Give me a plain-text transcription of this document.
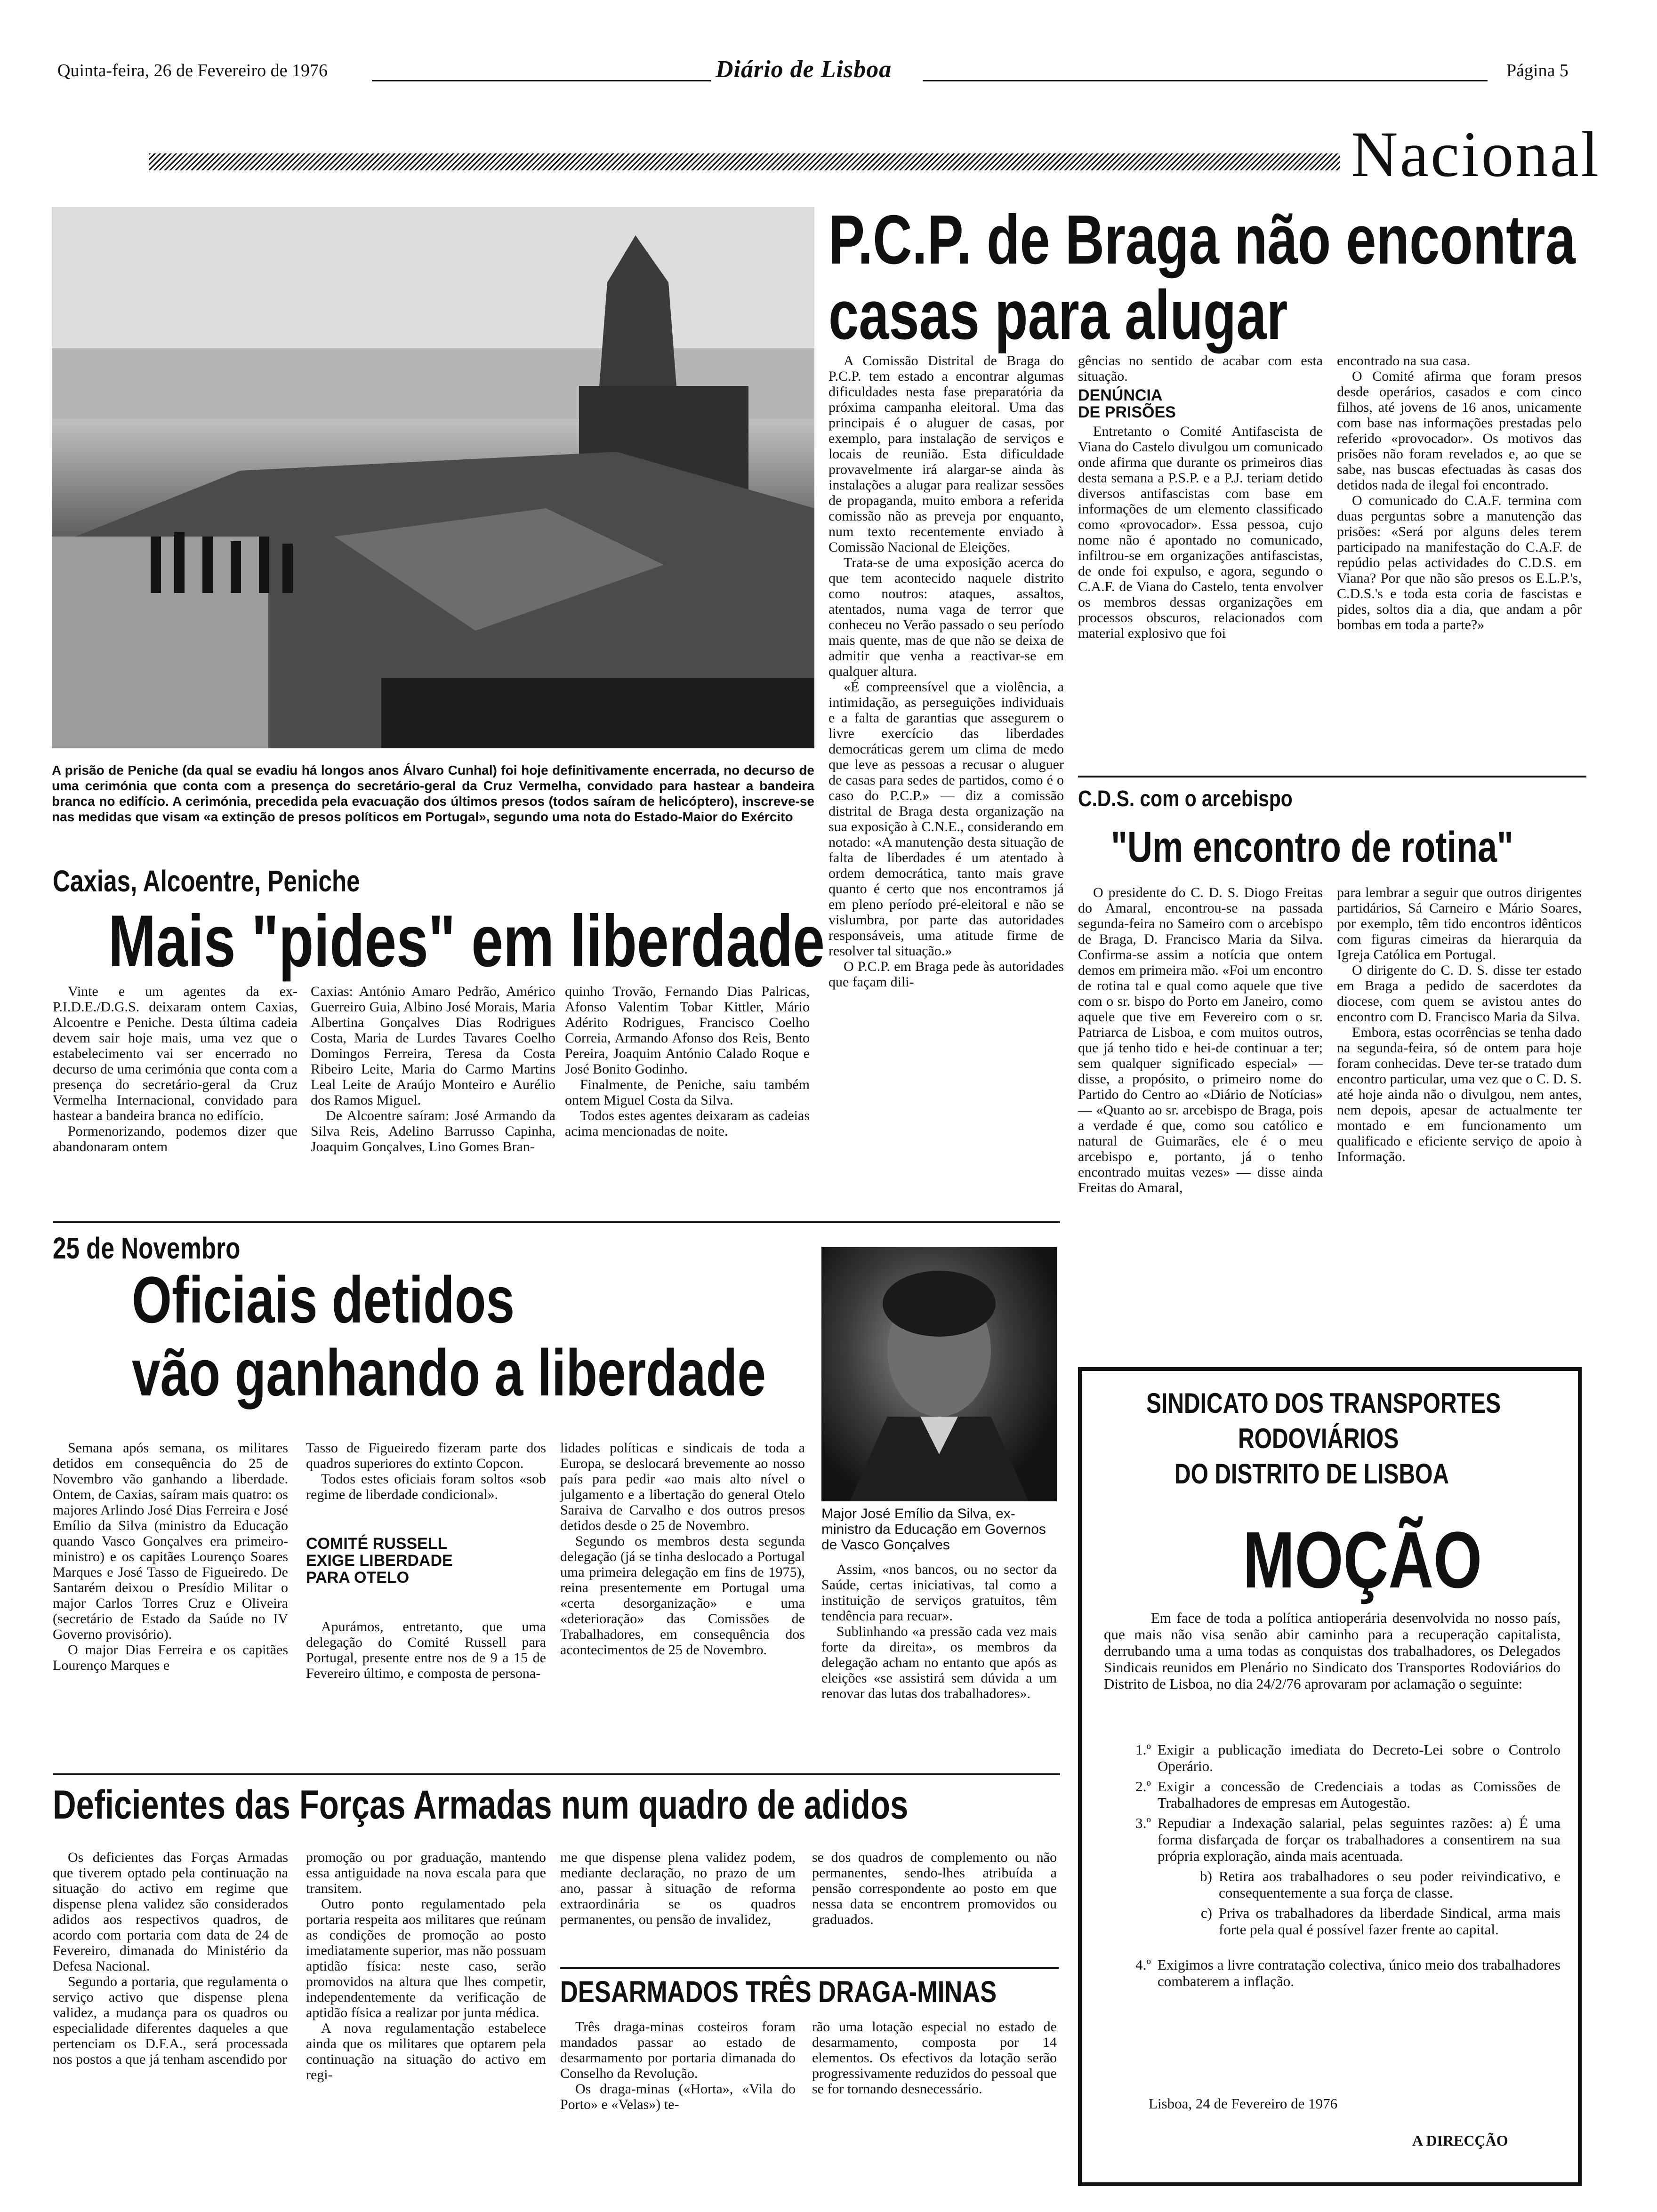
Quinta-feira, 26 de Fevereiro de 1976	Diário de Lisboa	Página 5
Nacional
A prisão de Peniche (da qual se evadiu há longos anos Álvaro Cunhal) foi hoje definitivamente encerrada, no decurso de uma cerimónia que conta com a presença do secretário-geral da Cruz Vermelha, convidado para hastear a bandeira branca no edifício. A cerimónia, precedida pela evacuação dos últimos presos (todos saíram de helicóptero), inscreve-se nas medidas que visam «a extinção de presos políticos em Portugal», segundo uma nota do Estado-Maior do Exército
P.C.P. de Braga não encontra
casas para alugar

A Comissão Distrital de Braga do P.C.P. tem estado a encontrar algumas dificuldades nesta fase preparatória da próxima campanha eleitoral. Uma das principais é o aluguer de casas, por exemplo, para instalação de serviços e locais de reunião. Esta dificuldade provavelmente irá alargar-se ainda às instalações a alugar para realizar sessões de propaganda, muito embora a referida comissão não as preveja por enquanto, num texto recentemente enviado à Comissão Nacional de Eleições.

Trata-se de uma exposição acerca do que tem acontecido naquele distrito como noutros: ataques, assaltos, atentados, numa vaga de terror que conheceu no Verão passado o seu período mais quente, mas de que não se deixa de admitir que venha a reactivar-se em qualquer altura.

«É compreensível que a violência, a intimidação, as perseguições individuais e a falta de garantias que assegurem o livre exercício das liberdades democráticas gerem um clima de medo que leve as pessoas a recusar o aluguer de casas para sedes de partidos, como é o caso do P.C.P.» — diz a comissão distrital de Braga desta organização na sua exposição à C.N.E., considerando em notado: «A manutenção desta situação de falta de liberdades é um atentado à ordem democrática, tanto mais grave quanto é certo que nos encontramos já em pleno período pré-eleitoral e não se vislumbra, por parte das autoridades responsáveis, uma atitude firme de resolver tal situação.»

O P.C.P. em Braga pede às autoridades que façam dili-

gências no sentido de acabar com esta situação.

DENÚNCIA
DE PRISÕES

Entretanto o Comité Antifascista de Viana do Castelo divulgou um comunicado onde afirma que durante os primeiros dias desta semana a P.S.P. e a P.J. teriam detido diversos antifascistas com base em informações de um elemento classificado como «provocador». Essa pessoa, cujo nome não é apontado no comunicado, infiltrou-se em organizações antifascistas, de onde foi expulso, e agora, segundo o C.A.F. de Viana do Castelo, tenta envolver os membros dessas organizações em processos obscuros, relacionados com material explosivo que foi

encontrado na sua casa.

O Comité afirma que foram presos desde operários, casados e com cinco filhos, até jovens de 16 anos, unicamente com base nas informações prestadas pelo referido «provocador». Os motivos das prisões não foram revelados e, ao que se sabe, nas buscas efectuadas às casas dos detidos nada de ilegal foi encontrado.

O comunicado do C.A.F. termina com duas perguntas sobre a manutenção das prisões: «Será por alguns deles terem participado na manifestação do C.A.F. de repúdio pelas actividades do C.D.S. em Viana? Por que não são presos os E.L.P.'s, C.D.S.'s e toda esta coria de fascistas e pides, soltos dia a dia, que andam a pôr bombas em toda a parte?»

C.D.S. com o arcebispo
"Um encontro de rotina"

O presidente do C. D. S. Diogo Freitas do Amaral, encontrou-se na passada segunda-feira no Sameiro com o arcebispo de Braga, D. Francisco Maria da Silva. Confirma-se assim a notícia que ontem demos em primeira mão. «Foi um encontro de rotina tal e qual como aquele que tive com o sr. bispo do Porto em Janeiro, como aquele que tive em Fevereiro com o sr. Patriarca de Lisboa, e com muitos outros, que já tenho tido e hei-de continuar a ter; sem qualquer significado especial» — disse, a propósito, o primeiro nome do Partido do Centro ao «Diário de Notícias» — «Quanto ao sr. arcebispo de Braga, pois a verdade é que, como sou católico e natural de Guimarães, ele é o meu arcebispo e, portanto, já o tenho encontrado muitas vezes» — disse ainda Freitas do Amaral,

para lembrar a seguir que outros dirigentes partidários, Sá Carneiro e Mário Soares, por exemplo, têm tido encontros idênticos com figuras cimeiras da hierarquia da Igreja Católica em Portugal.

O dirigente do C. D. S. disse ter estado em Braga a pedido de sacerdotes da diocese, com quem se avistou antes do encontro com D. Francisco Maria da Silva.

Embora, estas ocorrências se tenha dado na segunda-feira, só de ontem para hoje foram conhecidas. Deve ter-se tratado dum encontro particular, uma vez que o C. D. S. até hoje ainda não o divulgou, nem antes, nem depois, apesar de actualmente ter montado e em funcionamento um qualificado e eficiente serviço de apoio à Informação.

Caxias, Alcoentre, Peniche
Mais "pides" em liberdade

Vinte e um agentes da ex-P.I.D.E./D.G.S. deixaram ontem Caxias, Alcoentre e Peniche. Desta última cadeia devem sair hoje mais, uma vez que o estabelecimento vai ser encerrado no decurso de uma cerimónia que conta com a presença do secretário-geral da Cruz Vermelha Internacional, convidado para hastear a bandeira branca no edifício.

Pormenorizando, podemos dizer que abandonaram ontem

Caxias: António Amaro Pedrão, Américo Guerreiro Guia, Albino José Morais, Maria Albertina Gonçalves Dias Rodrigues Costa, Maria de Lurdes Tavares Coelho Domingos Ferreira, Teresa da Costa Ribeiro Leite, Maria do Carmo Martins Leal Leite de Araújo Monteiro e Aurélio dos Ramos Miguel.

De Alcoentre saíram: José Armando da Silva Reis, Adelino Barrusso Capinha, Joaquim Gonçalves, Lino Gomes Bran-

quinho Trovão, Fernando Dias Palricas, Afonso Valentim Tobar Kittler, Mário Adérito Rodrigues, Francisco Coelho Correia, Armando Afonso dos Reis, Bento Pereira, Joaquim António Calado Roque e José Bonito Godinho.

Finalmente, de Peniche, saiu também ontem Miguel Costa da Silva.

Todos estes agentes deixaram as cadeias acima mencionadas de noite.

25 de Novembro
Oficiais detidos
vão ganhando a liberdade

Semana após semana, os militares detidos em consequência do 25 de Novembro vão ganhando a liberdade. Ontem, de Caxias, saíram mais quatro: os majores Arlindo José Dias Ferreira e José Emílio da Silva (ministro da Educação quando Vasco Gonçalves era primeiro-ministro) e os capitães Lourenço Soares Marques e José Tasso de Figueiredo. De Santarém deixou o Presídio Militar o major Carlos Torres Cruz e Oliveira (secretário de Estado da Saúde no IV Governo provisório).

O major Dias Ferreira e os capitães Lourenço Marques e

Tasso de Figueiredo fizeram parte dos quadros superiores do extinto Copcon.

Todos estes oficiais foram soltos «sob regime de liberdade condicional».

COMITÉ RUSSELL
EXIGE LIBERDADE
PARA OTELO

Apurámos, entretanto, que uma delegação do Comité Russell para Portugal, presente entre nos de 9 a 15 de Fevereiro último, e composta de persona-

lidades políticas e sindicais de toda a Europa, se deslocará brevemente ao nosso país para pedir «ao mais alto nível o julgamento e a libertação do general Otelo Saraiva de Carvalho e dos outros presos detidos desde o 25 de Novembro.

Segundo os membros desta segunda delegação (já se tinha deslocado a Portugal uma primeira delegação em fins de 1975), reina presentemente em Portugal uma «certa desorganização» e uma «deterioração» das Comissões de Trabalhadores, em consequência dos acontecimentos de 25 de Novembro.

Major José Emílio da Silva, ex-ministro da Educação em Governos de Vasco Gonçalves

Assim, «nos bancos, ou no sector da Saúde, certas iniciativas, tal como a instituição de serviços gratuitos, têm tendência para recuar».

Sublinhando «a pressão cada vez mais forte da direita», os membros da delegação acham no entanto que após as eleições «se assistirá sem dúvida a um renovar das lutas dos trabalhadores».

Deficientes das Forças Armadas num quadro de adidos

Os deficientes das Forças Armadas que tiverem optado pela continuação na situação do activo em regime que dispense plena validez são considerados adidos aos respectivos quadros, de acordo com portaria com data de 24 de Fevereiro, dimanada do Ministério da Defesa Nacional.

Segundo a portaria, que regulamenta o serviço activo que dispense plena validez, a mudança para os quadros ou especialidade diferentes daqueles a que pertenciam os D.F.A., será processada nos postos a que já tenham ascendido por

promoção ou por graduação, mantendo essa antiguidade na nova escala para que transitem.

Outro ponto regulamentado pela portaria respeita aos militares que reúnam as condições de promoção ao posto imediatamente superior, mas não possuam aptidão física: neste caso, serão promovidos na altura que lhes competir, independentemente da verificação de aptidão física a realizar por junta médica.

A nova regulamentação estabelece ainda que os militares que optarem pela continuação na situação do activo em regi-

me que dispense plena validez podem, mediante declaração, no prazo de um ano, passar à situação de reforma extraordinária se os quadros permanentes, ou pensão de invalidez,

se dos quadros de complemento ou não permanentes, sendo-lhes atribuída a pensão correspondente ao posto em que nessa data se encontrem promovidos ou graduados.

DESARMADOS TRÊS DRAGA-MINAS

Três draga-minas costeiros foram mandados passar ao estado de desarmamento por portaria dimanada do Conselho da Revolução.

Os draga-minas («Horta», «Vila do Porto» e «Velas») te-

rão uma lotação especial no estado de desarmamento, composta por 14 elementos. Os efectivos da lotação serão progressivamente reduzidos do pessoal que se for tornando desnecessário.

SINDICATO DOS TRANSPORTES
RODOVIÁRIOS
DO DISTRITO DE LISBOA
MOÇÃO
Em face de toda a política antioperária desenvolvida no nosso país, que mais não visa senão abir caminho para a recuperação capitalista, derrubando uma a uma todas as conquistas dos trabalhadores, os Delegados Sindicais reunidos em Plenário no Sindicato dos Transportes Rodoviários do Distrito de Lisboa, no dia 24/2/76 aprovaram por aclamação o seguinte:
1.º Exigir a publicação imediata do Decreto-Lei sobre o Controlo Operário.
2.º Exigir a concessão de Credenciais a todas as Comissões de Trabalhadores de empresas em Autogestão.
3.º Repudiar a Indexação salarial, pelas seguintes razões: a) É uma forma disfarçada de forçar os trabalhadores a consentirem na sua própria exploração, ainda mais acentuada.
b) Retira aos trabalhadores o seu poder reivindicativo, e consequentemente a sua força de classe.
c) Priva os trabalhadores da liberdade Sindical, arma mais forte pela qual é possível fazer frente ao capital.
4.º Exigimos a livre contratação colectiva, único meio dos trabalhadores combaterem a inflação.
Lisboa, 24 de Fevereiro de 1976
A DIRECÇÃO
